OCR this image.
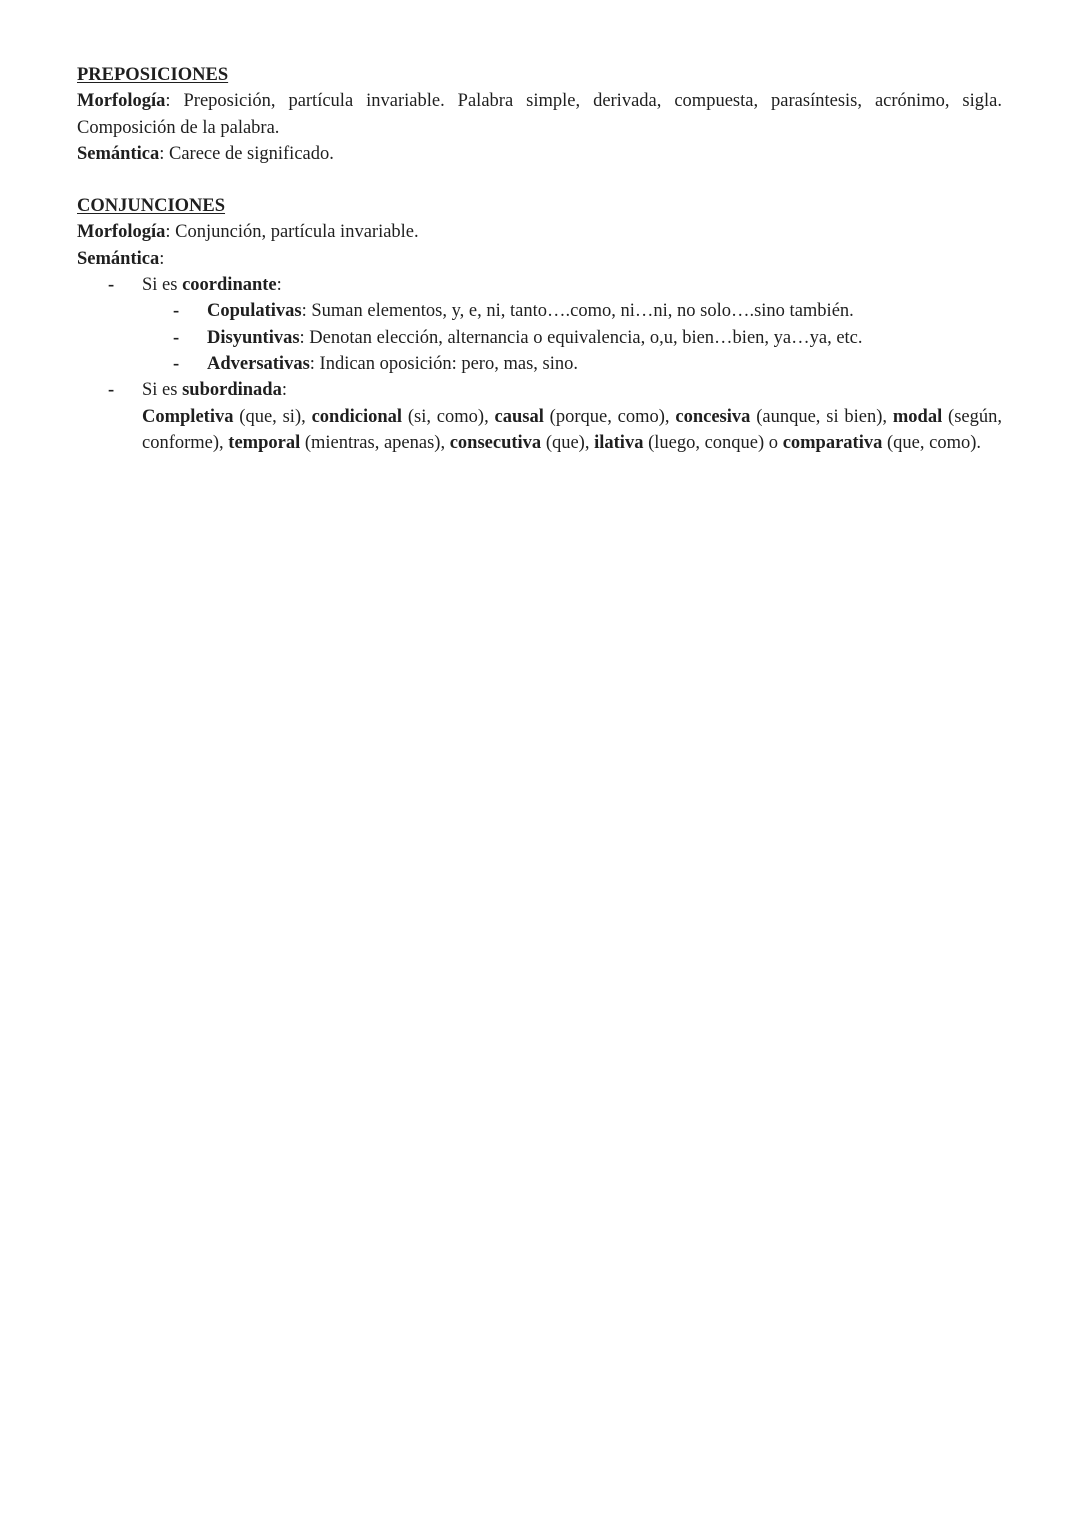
PREPOSICIONES

Morfología: Preposición, partícula invariable. Palabra simple, derivada, compuesta, parasíntesis, acrónimo, sigla. Composición de la palabra.

Semántica: Carece de significado.

CONJUNCIONES

Morfología: Conjunción, partícula invariable.

Semántica:

- Si es coordinante:
- Copulativas: Suman elementos, y, e, ni, tanto….como, ni…ni, no solo….sino también.
- Disyuntivas: Denotan elección, alternancia o equivalencia, o,u, bien…bien, ya…ya, etc.
- Adversativas: Indican oposición: pero, mas, sino.
- Si es subordinada:
Completiva (que, si), condicional (si, como), causal (porque, como), concesiva (aunque, si bien), modal (según, conforme), temporal (mientras, apenas), consecutiva (que), ilativa (luego, conque) o comparativa (que, como).
